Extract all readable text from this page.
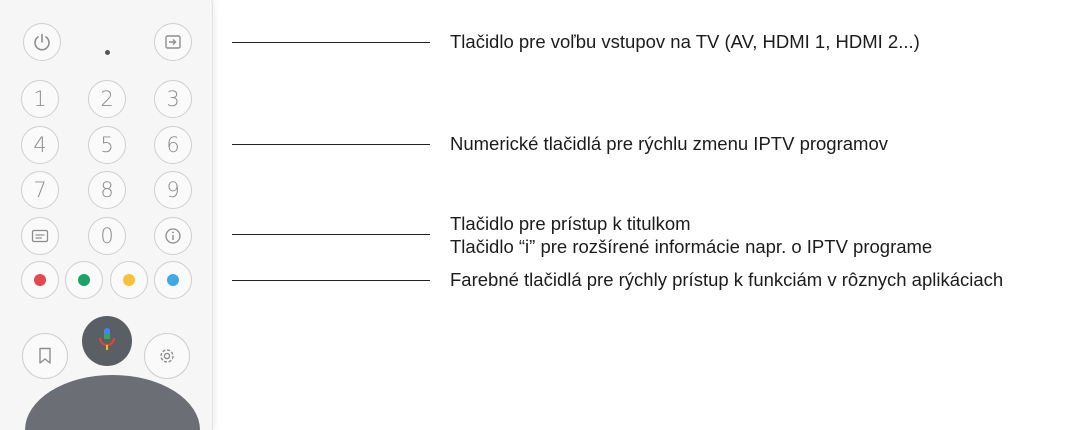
1	2	3
4	5	6
7	8	9
0
Tlačidlo pre voľbu vstupov na TV (AV, HDMI 1, HDMI 2...)
Numerické tlačidlá pre rýchlu zmenu IPTV programov
Tlačidlo pre prístup k titulkom
Tlačidlo “i” pre rozšírené informácie napr. o IPTV programe
Farebné tlačidlá pre rýchly prístup k funkciám v rôznych aplikáciach
